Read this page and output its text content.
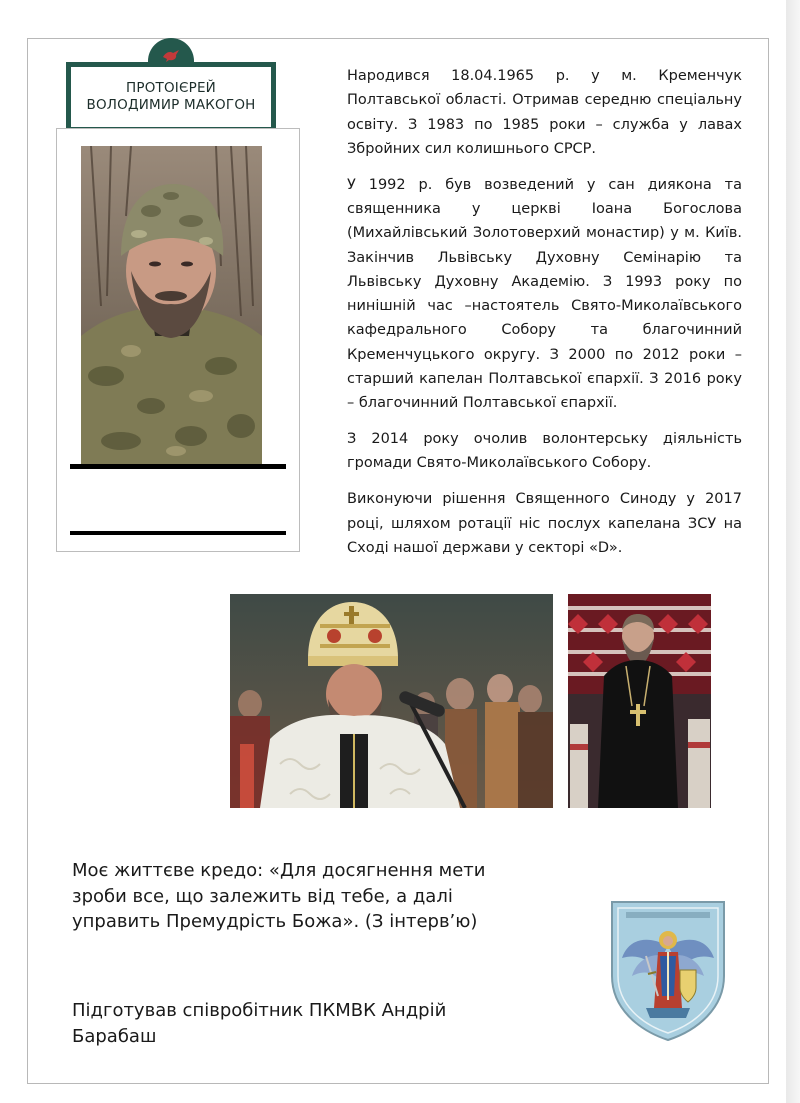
ПРОТОІЄРЕЙ
ВОЛОДИМИР МАКОГОН

Народився 18.04.1965 р. у м. Кременчук Полтавської області. Отримав середню спеціальну освіту. З 1983 по 1985 роки – служба у лавах Збройних сил колишнього СРСР.

У 1992 р. був возведений у сан диякона та священника у церкві Іоана Богослова (Михайлівський Золотоверхий монастир) у м. Київ. Закінчив Львівську Духовну Семінарію та Львівську Духовну Академію. З 1993 року по нинішній час –настоятель Свято-Миколаївського кафедрального Собору та благочинний Кременчуцького округу. З 2000 по 2012 роки – старший капелан Полтавської єпархії. З 2016 року – благочинний Полтавської єпархії.

З 2014 року очолив волонтерську діяльність громади Свято-Миколаївського Собору.

Виконуючи рішення Священного Синоду у 2017 році, шляхом ротації ніс послух капелана ЗСУ на Сході нашої держави у секторі «D».

Моє життєве кредо: «Для досягнення мети зроби все, що залежить від тебе, а далі управить Премудрість Божа». (З інтерв’ю)
Підготував співробітник ПКМВК Андрій Барабаш
